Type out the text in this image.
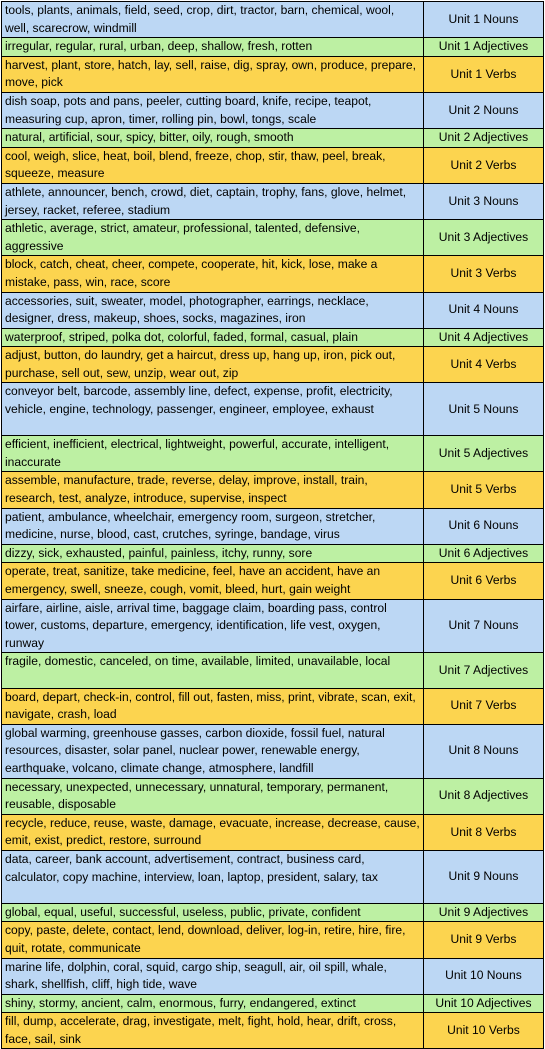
tools, plants, animals, field, seed, crop, dirt, tractor, barn, chemical, wool, well, scarecrow, windmill	Unit 1 Nouns
irregular, regular, rural, urban, deep, shallow, fresh, rotten	Unit 1 Adjectives
harvest, plant, store, hatch, lay, sell, raise, dig, spray, own, produce, prepare, move, pick	Unit 1 Verbs
dish soap, pots and pans, peeler, cutting board, knife, recipe, teapot, measuring cup, apron, timer, rolling pin, bowl, tongs, scale	Unit 2 Nouns
natural, artificial, sour, spicy, bitter, oily, rough, smooth	Unit 2 Adjectives
cool, weigh, slice, heat, boil, blend, freeze, chop, stir, thaw, peel, break, squeeze, measure	Unit 2 Verbs
athlete, announcer, bench, crowd, diet, captain, trophy, fans, glove, helmet, jersey, racket, referee, stadium	Unit 3 Nouns
athletic, average, strict, amateur, professional, talented, defensive, aggressive	Unit 3 Adjectives
block, catch, cheat, cheer, compete, cooperate, hit, kick, lose, make a mistake, pass, win, race, score	Unit 3 Verbs
accessories, suit, sweater, model, photographer, earrings, necklace, designer, dress, makeup, shoes, socks, magazines, iron	Unit 4 Nouns
waterproof, striped, polka dot, colorful, faded, formal, casual, plain	Unit 4 Adjectives
adjust, button, do laundry, get a haircut, dress up, hang up, iron, pick out, purchase, sell out, sew, unzip, wear out, zip	Unit 4 Verbs
conveyor belt, barcode, assembly line, defect, expense, profit, electricity, vehicle, engine, technology, passenger, engineer, employee, exhaust	Unit 5 Nouns
efficient, inefficient, electrical, lightweight, powerful, accurate, intelligent, inaccurate	Unit 5 Adjectives
assemble, manufacture, trade, reverse, delay, improve, install, train, research, test, analyze, introduce, supervise, inspect	Unit 5 Verbs
patient, ambulance, wheelchair, emergency room, surgeon, stretcher, medicine, nurse, blood, cast, crutches, syringe, bandage, virus	Unit 6 Nouns
dizzy, sick, exhausted, painful, painless, itchy, runny, sore	Unit 6 Adjectives
operate, treat, sanitize, take medicine, feel, have an accident, have an emergency, swell, sneeze, cough, vomit, bleed, hurt, gain weight	Unit 6 Verbs
airfare, airline, aisle, arrival time, baggage claim, boarding pass, control tower, customs, departure, emergency, identification, life vest, oxygen, runway	Unit 7 Nouns
fragile, domestic, canceled, on time, available, limited, unavailable, local	Unit 7 Adjectives
board, depart, check-in, control, fill out, fasten, miss, print, vibrate, scan, exit, navigate, crash, load	Unit 7 Verbs
global warming, greenhouse gasses, carbon dioxide, fossil fuel, natural resources, disaster, solar panel, nuclear power, renewable energy, earthquake, volcano, climate change, atmosphere, landfill	Unit 8 Nouns
necessary, unexpected, unnecessary, unnatural, temporary, permanent, reusable, disposable	Unit 8 Adjectives
recycle, reduce, reuse, waste, damage, evacuate, increase, decrease, cause, emit, exist, predict, restore, surround	Unit 8 Verbs
data, career, bank account, advertisement, contract, business card, calculator, copy machine, interview, loan, laptop, president, salary, tax	Unit 9 Nouns
global, equal, useful, successful, useless, public, private, confident	Unit 9 Adjectives
copy, paste, delete, contact, lend, download, deliver, log-in, retire, hire, fire, quit, rotate, communicate	Unit 9 Verbs
marine life, dolphin, coral, squid, cargo ship, seagull, air, oil spill, whale, shark, shellfish, cliff, high tide, wave	Unit 10 Nouns
shiny, stormy, ancient, calm, enormous, furry, endangered, extinct	Unit 10 Adjectives
fill, dump, accelerate, drag, investigate, melt, fight, hold, hear, drift, cross, face, sail, sink	Unit 10 Verbs
